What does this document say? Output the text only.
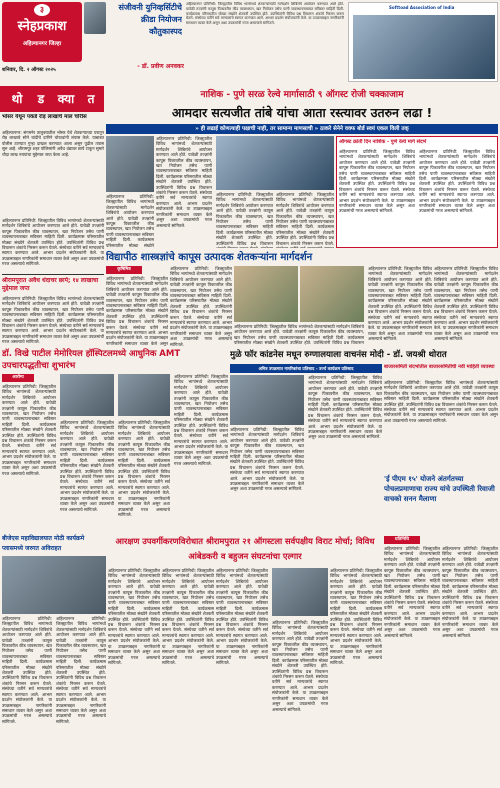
३
स्नेहप्रकाश
अहिल्यानगर जिल्हा
शनिवार, दि. २ ऑगस्ट २०२५
संजीवनी युनिव्हर्सिटीचे क्रीडा नियोजन कौतुकास्पद
- डॉ. प्रवीण अनवकर
अहिल्यानगर प्रतिनिधी: जिल्ह्यातील विविध भागांमध्ये शेतकऱ्यांसाठी मार्गदर्शन शिबिरांचे आयोजन करण्यात आले होते. यावेळी तज्ज्ञांनी कापूस पिकावरील कीड व्यवस्थापन, खत नियोजन तसेच पाणी व्यवस्थापनाबाबत सविस्तर माहिती दिली. कार्यक्रमास परिसरातील मोठ्या संख्येने शेतकरी उपस्थित होते. उपस्थितांनी विविध प्रश्न विचारून शंकांचे निरसन करून घेतले. संस्थेच्या वतीने सर्व मान्यवरांचे स्वागत करण्यात आले. आभार प्रदर्शन संयोजकांनी केले. या उपक्रमाबद्दल नागरिकांनी समाधान व्यक्त केले असून अशा उपक्रमांची गरज असल्याचे सांगितले.
Softtoad Association of India
थो	ड	क्या	त	नाशिक - पुणे सरळ रेल्वे मार्गासाठी ९ ऑगस्ट रोजी चक्काजाम
आमदार सत्यजीत तांबे यांचा आता रस्त्यावर उतरुन लढा !
» ही लढाई कोणत्याही पक्षाची नाही, तर सामान्य माणसाची » ठाकरे सेनेने वक्फ बोर्ड स्वयं एकल विली तक्
भोसर येथून पकडे रोड़ लाखाचे माल चोरीस
अहिल्यानगर: संगमनेर तालुक्यातील भोसर येथे शेतकऱ्याच्या घरातून रोड़ लाखाचे सोने चांदीचे दागिने चोरट्यांनी लंपास केले. याबाबत पोलीस ठाण्यात गुन्हा दाखल करण्यात आला असून पुढील तपास सुरु आहे. श्रीरामपूर शहर पोलिसांनी अवैध धंद्यावर छापे टाकून सुमारे चौदा लाख रुपयांचा मुद्देमाल जप्त केला आहे.
अहिल्यानगर प्रतिनिधी: जिल्ह्यातील विविध भागांमध्ये शेतकऱ्यांसाठी मार्गदर्शन शिबिरांचे आयोजन करण्यात आले होते. यावेळी तज्ज्ञांनी कापूस पिकावरील कीड व्यवस्थापन, खत नियोजन तसेच पाणी व्यवस्थापनाबाबत सविस्तर माहिती दिली. कार्यक्रमास परिसरातील मोठ्या संख्येने शेतकरी उपस्थित होते. उपस्थितांनी विविध प्रश्न विचारून शंकांचे निरसन करून घेतले. संस्थेच्या वतीने सर्व मान्यवरांचे स्वागत करण्यात आले. आभार प्रदर्शन संयोजकांनी केले. या उपक्रमाबद्दल नागरिकांनी समाधान व्यक्त केले असून अशा उपक्रमांची गरज असल्याचे सांगितले.
श्रीरामपूरात अवैध धंदाचर छापे; १४ लाखाचा मुद्देमाल जप्त
अहिल्यानगर प्रतिनिधी: जिल्ह्यातील विविध भागांमध्ये शेतकऱ्यांसाठी मार्गदर्शन शिबिरांचे आयोजन करण्यात आले होते. यावेळी तज्ज्ञांनी कापूस पिकावरील कीड व्यवस्थापन, खत नियोजन तसेच पाणी व्यवस्थापनाबाबत सविस्तर माहिती दिली. कार्यक्रमास परिसरातील मोठ्या संख्येने शेतकरी उपस्थित होते. उपस्थितांनी विविध प्रश्न विचारून शंकांचे निरसन करून घेतले. संस्थेच्या वतीने सर्व मान्यवरांचे स्वागत करण्यात आले. आभार प्रदर्शन संयोजकांनी केले. या उपक्रमाबद्दल नागरिकांनी समाधान व्यक्त केले असून अशा उपक्रमांची गरज असल्याचे सांगितले.
अहिल्यानगर प्रतिनिधी: जिल्ह्यातील विविध भागांमध्ये शेतकऱ्यांसाठी मार्गदर्शन शिबिरांचे आयोजन करण्यात आले होते. यावेळी तज्ज्ञांनी कापूस पिकावरील कीड व्यवस्थापन, खत नियोजन तसेच पाणी व्यवस्थापनाबाबत सविस्तर माहिती दिली. कार्यक्रमास परिसरातील मोठ्या संख्येने शेतकरी उपस्थित होते. उपस्थितांनी विविध प्रश्न विचारून शंकांचे निरसन करून घेतले. संस्थेच्या वतीने सर्व मान्यवरांचे स्वागत करण्यात आले. आभार प्रदर्शन संयोजकांनी केले. या उपक्रमाबद्दल नागरिकांनी समाधान व्यक्त केले असून अशा उपक्रमांची गरज असल्याचे सांगितले.
अहिल्यानगर प्रतिनिधी: जिल्ह्यातील विविध भागांमध्ये शेतकऱ्यांसाठी मार्गदर्शन शिबिरांचे आयोजन करण्यात आले होते. यावेळी तज्ज्ञांनी कापूस पिकावरील कीड व्यवस्थापन, खत नियोजन तसेच पाणी व्यवस्थापनाबाबत सविस्तर माहिती दिली. कार्यक्रमास परिसरातील मोठ्या संख्येने
अहिल्यानगर प्रतिनिधी: जिल्ह्यातील विविध भागांमध्ये शेतकऱ्यांसाठी मार्गदर्शन शिबिरांचे आयोजन करण्यात आले होते. यावेळी तज्ज्ञांनी कापूस पिकावरील कीड व्यवस्थापन, खत नियोजन तसेच पाणी व्यवस्थापनाबाबत सविस्तर माहिती दिली. कार्यक्रमास परिसरातील मोठ्या संख्येने शेतकरी उपस्थित होते. उपस्थितांनी विविध प्रश्न विचारून
अहिल्यानगर प्रतिनिधी: जिल्ह्यातील विविध भागांमध्ये शेतकऱ्यांसाठी मार्गदर्शन शिबिरांचे आयोजन करण्यात आले होते. यावेळी तज्ज्ञांनी कापूस पिकावरील कीड व्यवस्थापन, खत नियोजन तसेच पाणी व्यवस्थापनाबाबत सविस्तर माहिती दिली. कार्यक्रमास परिसरातील मोठ्या संख्येने शेतकरी उपस्थित होते. उपस्थितांनी विविध प्रश्न विचारून शंकांचे निरसन करून घेतले.
ऑगस्ट क्रांती दिन नाशिक - पुणे रेल्वे मार्ग संदर्भ
अहिल्यानगर प्रतिनिधी: जिल्ह्यातील विविध भागांमध्ये शेतकऱ्यांसाठी मार्गदर्शन शिबिरांचे आयोजन करण्यात आले होते. यावेळी तज्ज्ञांनी कापूस पिकावरील कीड व्यवस्थापन, खत नियोजन तसेच पाणी व्यवस्थापनाबाबत सविस्तर माहिती दिली. कार्यक्रमास परिसरातील मोठ्या संख्येने शेतकरी उपस्थित होते. उपस्थितांनी विविध प्रश्न विचारून शंकांचे निरसन करून घेतले. संस्थेच्या वतीने सर्व मान्यवरांचे स्वागत करण्यात आले. आभार प्रदर्शन संयोजकांनी केले. या उपक्रमाबद्दल नागरिकांनी समाधान व्यक्त केले असून अशा उपक्रमांची गरज असल्याचे सांगितले.
अहिल्यानगर प्रतिनिधी: जिल्ह्यातील विविध भागांमध्ये शेतकऱ्यांसाठी मार्गदर्शन शिबिरांचे आयोजन करण्यात आले होते. यावेळी तज्ज्ञांनी कापूस पिकावरील कीड व्यवस्थापन, खत नियोजन तसेच पाणी व्यवस्थापनाबाबत सविस्तर माहिती दिली. कार्यक्रमास परिसरातील मोठ्या संख्येने शेतकरी उपस्थित होते. उपस्थितांनी विविध प्रश्न विचारून शंकांचे निरसन करून घेतले. संस्थेच्या वतीने सर्व मान्यवरांचे स्वागत करण्यात आले. आभार प्रदर्शन संयोजकांनी केले. या उपक्रमाबद्दल नागरिकांनी समाधान व्यक्त केले असून अशा उपक्रमांची गरज असल्याचे सांगितले.
विद्यापीठ शास्त्रज्ञांचे कापूस उत्पादक शेतकऱ्यांना मार्गदर्शन
कृषिमित्र
अहिल्यानगर प्रतिनिधी: जिल्ह्यातील विविध भागांमध्ये शेतकऱ्यांसाठी मार्गदर्शन शिबिरांचे आयोजन करण्यात आले होते. यावेळी तज्ज्ञांनी कापूस पिकावरील कीड व्यवस्थापन, खत नियोजन तसेच पाणी व्यवस्थापनाबाबत सविस्तर माहिती दिली. कार्यक्रमास परिसरातील मोठ्या संख्येने शेतकरी उपस्थित होते. उपस्थितांनी विविध प्रश्न विचारून शंकांचे निरसन करून घेतले. संस्थेच्या वतीने सर्व मान्यवरांचे स्वागत करण्यात आले. आभार प्रदर्शन संयोजकांनी केले. या उपक्रमाबद्दल नागरिकांनी समाधान व्यक्त केले असून
अहिल्यानगर प्रतिनिधी: जिल्ह्यातील विविध भागांमध्ये शेतकऱ्यांसाठी मार्गदर्शन शिबिरांचे आयोजन करण्यात आले होते. यावेळी तज्ज्ञांनी कापूस पिकावरील कीड व्यवस्थापन, खत नियोजन तसेच पाणी व्यवस्थापनाबाबत सविस्तर माहिती दिली. कार्यक्रमास परिसरातील मोठ्या संख्येने शेतकरी उपस्थित होते. उपस्थितांनी विविध प्रश्न विचारून शंकांचे निरसन करून घेतले. संस्थेच्या वतीने सर्व मान्यवरांचे स्वागत करण्यात आले. आभार प्रदर्शन संयोजकांनी केले. या उपक्रमाबद्दल नागरिकांनी समाधान व्यक्त केले असून अशा उपक्रमांची गरज असल्याचे सांगितले.
अहिल्यानगर प्रतिनिधी: जिल्ह्यातील विविध भागांमध्ये शेतकऱ्यांसाठी मार्गदर्शन शिबिरांचे आयोजन करण्यात आले होते. यावेळी तज्ज्ञांनी कापूस पिकावरील कीड व्यवस्थापन, खत नियोजन तसेच पाणी व्यवस्थापनाबाबत सविस्तर माहिती दिली. कार्यक्रमास परिसरातील मोठ्या संख्येने शेतकरी उपस्थित होते. उपस्थितांनी विविध प्रश्न विचारून
अहिल्यानगर प्रतिनिधी: जिल्ह्यातील विविध भागांमध्ये शेतकऱ्यांसाठी मार्गदर्शन शिबिरांचे आयोजन करण्यात आले होते. यावेळी तज्ज्ञांनी कापूस पिकावरील कीड व्यवस्थापन, खत नियोजन तसेच पाणी व्यवस्थापनाबाबत सविस्तर माहिती दिली. कार्यक्रमास परिसरातील मोठ्या संख्येने शेतकरी उपस्थित होते. उपस्थितांनी विविध प्रश्न विचारून शंकांचे निरसन करून घेतले. संस्थेच्या वतीने सर्व मान्यवरांचे स्वागत करण्यात आले. आभार प्रदर्शन संयोजकांनी केले. या उपक्रमाबद्दल नागरिकांनी समाधान व्यक्त केले असून अशा उपक्रमांची गरज असल्याचे सांगितले.
अहिल्यानगर प्रतिनिधी: जिल्ह्यातील विविध भागांमध्ये शेतकऱ्यांसाठी मार्गदर्शन शिबिरांचे आयोजन करण्यात आले होते. यावेळी तज्ज्ञांनी कापूस पिकावरील कीड व्यवस्थापन, खत नियोजन तसेच पाणी व्यवस्थापनाबाबत सविस्तर माहिती दिली. कार्यक्रमास परिसरातील मोठ्या संख्येने शेतकरी उपस्थित होते. उपस्थितांनी विविध प्रश्न विचारून शंकांचे निरसन करून घेतले. संस्थेच्या वतीने सर्व मान्यवरांचे स्वागत करण्यात आले. आभार प्रदर्शन संयोजकांनी केले. या उपक्रमाबद्दल नागरिकांनी समाधान व्यक्त केले असून अशा उपक्रमांची गरज असल्याचे सांगितले.
डॉ. विखे पाटील मेमोरियल हॉस्पिटलमध्ये आधुनिक AMT उपचारपद्धतीचा शुभारंभ
मुळे फॉर कांडनेस मधून रुग्णालयाला वाचनंस मोदी - डॉ. जयश्री थोरात
आरोग्य
अहिल्यानगर प्रतिनिधी: जिल्ह्यातील विविध भागांमध्ये शेतकऱ्यांसाठी मार्गदर्शन शिबिरांचे आयोजन करण्यात आले होते. यावेळी तज्ज्ञांनी कापूस पिकावरील कीड व्यवस्थापन, खत नियोजन तसेच पाणी व्यवस्थापनाबाबत सविस्तर माहिती दिली. कार्यक्रमास परिसरातील मोठ्या संख्येने शेतकरी उपस्थित होते. उपस्थितांनी विविध प्रश्न विचारून शंकांचे निरसन करून घेतले. संस्थेच्या वतीने सर्व मान्यवरांचे स्वागत करण्यात आले. आभार प्रदर्शन संयोजकांनी केले. या उपक्रमाबद्दल नागरिकांनी समाधान व्यक्त केले असून अशा उपक्रमांची गरज असल्याचे सांगितले.
अहिल्यानगर प्रतिनिधी: जिल्ह्यातील विविध भागांमध्ये शेतकऱ्यांसाठी मार्गदर्शन शिबिरांचे आयोजन करण्यात आले होते. यावेळी तज्ज्ञांनी कापूस पिकावरील कीड व्यवस्थापन, खत नियोजन तसेच पाणी व्यवस्थापनाबाबत सविस्तर माहिती दिली. कार्यक्रमास परिसरातील मोठ्या संख्येने शेतकरी उपस्थित होते. उपस्थितांनी विविध प्रश्न विचारून शंकांचे निरसन करून घेतले. संस्थेच्या वतीने सर्व मान्यवरांचे स्वागत करण्यात आले. आभार प्रदर्शन संयोजकांनी केले. या उपक्रमाबद्दल नागरिकांनी समाधान व्यक्त केले असून अशा उपक्रमांची गरज असल्याचे सांगितले.
अहिल्यानगर प्रतिनिधी: जिल्ह्यातील विविध भागांमध्ये शेतकऱ्यांसाठी मार्गदर्शन शिबिरांचे आयोजन करण्यात आले होते. यावेळी तज्ज्ञांनी कापूस पिकावरील कीड व्यवस्थापन, खत नियोजन तसेच पाणी व्यवस्थापनाबाबत सविस्तर माहिती दिली. कार्यक्रमास परिसरातील मोठ्या संख्येने शेतकरी उपस्थित होते. उपस्थितांनी विविध प्रश्न विचारून शंकांचे निरसन करून घेतले. संस्थेच्या वतीने सर्व मान्यवरांचे स्वागत करण्यात आले. आभार प्रदर्शन संयोजकांनी केले. या उपक्रमाबद्दल नागरिकांनी समाधान व्यक्त केले असून अशा उपक्रमांची गरज असल्याचे सांगितले.
अहिल्यानगर प्रतिनिधी: जिल्ह्यातील विविध भागांमध्ये शेतकऱ्यांसाठी मार्गदर्शन शिबिरांचे आयोजन करण्यात आले होते. यावेळी तज्ज्ञांनी कापूस पिकावरील कीड व्यवस्थापन, खत नियोजन तसेच पाणी व्यवस्थापनाबाबत सविस्तर माहिती दिली. कार्यक्रमास परिसरातील मोठ्या संख्येने शेतकरी उपस्थित होते. उपस्थितांनी विविध प्रश्न विचारून शंकांचे निरसन करून घेतले. संस्थेच्या वतीने सर्व मान्यवरांचे स्वागत करण्यात आले. आभार प्रदर्शन संयोजकांनी केले. या उपक्रमाबद्दल नागरिकांनी समाधान व्यक्त केले असून अशा उपक्रमांची गरज असल्याचे सांगितले.
अमित्र उपक्रमात नागरिकांचा प्रतिसाद - उर्ज्य कार्यक्रम प्रतिसाद
अहिल्यानगर प्रतिनिधी: जिल्ह्यातील विविध भागांमध्ये शेतकऱ्यांसाठी मार्गदर्शन शिबिरांचे आयोजन करण्यात आले होते. यावेळी तज्ज्ञांनी कापूस पिकावरील कीड व्यवस्थापन, खत नियोजन तसेच पाणी व्यवस्थापनाबाबत सविस्तर माहिती दिली. कार्यक्रमास परिसरातील मोठ्या संख्येने शेतकरी उपस्थित होते. उपस्थितांनी विविध प्रश्न विचारून शंकांचे निरसन करून घेतले. संस्थेच्या वतीने सर्व मान्यवरांचे स्वागत करण्यात आले. आभार प्रदर्शन संयोजकांनी केले. या उपक्रमाबद्दल नागरिकांनी समाधान व्यक्त केले असून अशा उपक्रमांची गरज असल्याचे सांगितले.
अहिल्यानगर प्रतिनिधी: जिल्ह्यातील विविध भागांमध्ये शेतकऱ्यांसाठी मार्गदर्शन शिबिरांचे आयोजन करण्यात आले होते. यावेळी तज्ज्ञांनी कापूस पिकावरील कीड व्यवस्थापन, खत नियोजन तसेच पाणी व्यवस्थापनाबाबत सविस्तर माहिती दिली. कार्यक्रमास परिसरातील मोठ्या संख्येने शेतकरी उपस्थित होते. उपस्थितांनी विविध प्रश्न विचारून शंकांचे निरसन करून घेतले. संस्थेच्या वतीने सर्व मान्यवरांचे स्वागत करण्यात आले. आभार प्रदर्शन संयोजकांनी केले. या उपक्रमाबद्दल नागरिकांनी समाधान व्यक्त केले असून अशा उपक्रमांची गरज असल्याचे सांगितले.
बाजारसमिती संदर्भातील बाजारसमितीची नवी माहिती व्यवस्था
अहिल्यानगर प्रतिनिधी: जिल्ह्यातील विविध भागांमध्ये शेतकऱ्यांसाठी मार्गदर्शन शिबिरांचे आयोजन करण्यात आले होते. यावेळी तज्ज्ञांनी कापूस पिकावरील कीड व्यवस्थापन, खत नियोजन तसेच पाणी व्यवस्थापनाबाबत सविस्तर माहिती दिली. कार्यक्रमास परिसरातील मोठ्या संख्येने शेतकरी उपस्थित होते. उपस्थितांनी विविध प्रश्न विचारून शंकांचे निरसन करून घेतले. संस्थेच्या वतीने सर्व मान्यवरांचे स्वागत करण्यात आले. आभार प्रदर्शन संयोजकांनी केले. या उपक्रमाबद्दल नागरिकांनी समाधान व्यक्त केले असून अशा उपक्रमांची गरज असल्याचे सांगितले.
'ई पीएम १५' योजने अंतर्गतच्या पोचलप्रमाणाचा राज्य यांचे उपस्थिती रिवाजी वाचको सनन मैलाणा
प्रतिनिधि
अहिल्यानगर प्रतिनिधी: जिल्ह्यातील विविध भागांमध्ये शेतकऱ्यांसाठी मार्गदर्शन शिबिरांचे आयोजन करण्यात आले होते. यावेळी तज्ज्ञांनी कापूस पिकावरील कीड व्यवस्थापन, खत नियोजन तसेच पाणी व्यवस्थापनाबाबत सविस्तर माहिती दिली. कार्यक्रमास परिसरातील मोठ्या संख्येने शेतकरी उपस्थित होते. उपस्थितांनी विविध प्रश्न विचारून शंकांचे निरसन करून घेतले. संस्थेच्या वतीने सर्व मान्यवरांचे स्वागत करण्यात आले. आभार प्रदर्शन संयोजकांनी केले. या उपक्रमाबद्दल नागरिकांनी समाधान व्यक्त केले असून अशा उपक्रमांची गरज असल्याचे सांगितले.
अहिल्यानगर प्रतिनिधी: जिल्ह्यातील विविध भागांमध्ये शेतकऱ्यांसाठी मार्गदर्शन शिबिरांचे आयोजन करण्यात आले होते. यावेळी तज्ज्ञांनी कापूस पिकावरील कीड व्यवस्थापन, खत नियोजन तसेच पाणी व्यवस्थापनाबाबत सविस्तर माहिती दिली. कार्यक्रमास परिसरातील मोठ्या संख्येने शेतकरी उपस्थित होते. उपस्थितांनी विविध प्रश्न विचारून शंकांचे निरसन करून घेतले. संस्थेच्या वतीने सर्व मान्यवरांचे स्वागत करण्यात आले. आभार प्रदर्शन संयोजकांनी केले. या उपक्रमाबद्दल नागरिकांनी समाधान व्यक्त केले असून अशा उपक्रमांची गरज असल्याचे सांगितले.
बीजेएस महाविद्यालयात मोठी कार्यक्रमे प्लासमध्ये जरुरत अविराहत
अहिल्यानगर प्रतिनिधी: जिल्ह्यातील विविध भागांमध्ये शेतकऱ्यांसाठी मार्गदर्शन शिबिरांचे आयोजन करण्यात आले होते. यावेळी तज्ज्ञांनी कापूस पिकावरील कीड व्यवस्थापन, खत नियोजन तसेच पाणी व्यवस्थापनाबाबत सविस्तर माहिती दिली. कार्यक्रमास परिसरातील मोठ्या संख्येने शेतकरी उपस्थित होते. उपस्थितांनी विविध प्रश्न विचारून शंकांचे निरसन करून घेतले. संस्थेच्या वतीने सर्व मान्यवरांचे स्वागत करण्यात आले. आभार प्रदर्शन संयोजकांनी केले. या उपक्रमाबद्दल नागरिकांनी समाधान व्यक्त केले असून अशा उपक्रमांची गरज असल्याचे सांगितले.
अहिल्यानगर प्रतिनिधी: जिल्ह्यातील विविध भागांमध्ये शेतकऱ्यांसाठी मार्गदर्शन शिबिरांचे आयोजन करण्यात आले होते. यावेळी तज्ज्ञांनी कापूस पिकावरील कीड व्यवस्थापन, खत नियोजन तसेच पाणी व्यवस्थापनाबाबत सविस्तर माहिती दिली. कार्यक्रमास परिसरातील मोठ्या संख्येने शेतकरी उपस्थित होते. उपस्थितांनी विविध प्रश्न विचारून शंकांचे निरसन करून घेतले. संस्थेच्या वतीने सर्व मान्यवरांचे स्वागत करण्यात आले. आभार प्रदर्शन संयोजकांनी केले. या उपक्रमाबद्दल नागरिकांनी समाधान व्यक्त केले असून अशा उपक्रमांची गरज असल्याचे सांगितले.
आरक्षण उपवर्गीकरणविरोधात श्रीरामपुरात २१ ऑगस्टला सर्वपक्षीय विराट मोर्चा; विविध आंबेडकरी व बहुजन संघटनांचा एल्गार
अहिल्यानगर प्रतिनिधी: जिल्ह्यातील विविध भागांमध्ये शेतकऱ्यांसाठी मार्गदर्शन शिबिरांचे आयोजन करण्यात आले होते. यावेळी तज्ज्ञांनी कापूस पिकावरील कीड व्यवस्थापन, खत नियोजन तसेच पाणी व्यवस्थापनाबाबत सविस्तर माहिती दिली. कार्यक्रमास परिसरातील मोठ्या संख्येने शेतकरी उपस्थित होते. उपस्थितांनी विविध प्रश्न विचारून शंकांचे निरसन करून घेतले. संस्थेच्या वतीने सर्व मान्यवरांचे स्वागत करण्यात आले. आभार प्रदर्शन संयोजकांनी केले. या उपक्रमाबद्दल नागरिकांनी समाधान व्यक्त केले असून अशा उपक्रमांची गरज असल्याचे सांगितले.
अहिल्यानगर प्रतिनिधी: जिल्ह्यातील विविध भागांमध्ये शेतकऱ्यांसाठी मार्गदर्शन शिबिरांचे आयोजन करण्यात आले होते. यावेळी तज्ज्ञांनी कापूस पिकावरील कीड व्यवस्थापन, खत नियोजन तसेच पाणी व्यवस्थापनाबाबत सविस्तर माहिती दिली. कार्यक्रमास परिसरातील मोठ्या संख्येने शेतकरी उपस्थित होते. उपस्थितांनी विविध प्रश्न विचारून शंकांचे निरसन करून घेतले. संस्थेच्या वतीने सर्व मान्यवरांचे स्वागत करण्यात आले. आभार प्रदर्शन संयोजकांनी केले. या उपक्रमाबद्दल नागरिकांनी समाधान व्यक्त केले असून अशा उपक्रमांची गरज असल्याचे सांगितले.
अहिल्यानगर प्रतिनिधी: जिल्ह्यातील विविध भागांमध्ये शेतकऱ्यांसाठी मार्गदर्शन शिबिरांचे आयोजन करण्यात आले होते. यावेळी तज्ज्ञांनी कापूस पिकावरील कीड व्यवस्थापन, खत नियोजन तसेच पाणी व्यवस्थापनाबाबत सविस्तर माहिती दिली. कार्यक्रमास परिसरातील मोठ्या संख्येने शेतकरी उपस्थित होते. उपस्थितांनी विविध प्रश्न विचारून शंकांचे निरसन करून घेतले. संस्थेच्या वतीने सर्व मान्यवरांचे स्वागत करण्यात आले. आभार प्रदर्शन संयोजकांनी केले. या उपक्रमाबद्दल नागरिकांनी समाधान व्यक्त केले असून अशा उपक्रमांची गरज असल्याचे सांगितले.
अहिल्यानगर प्रतिनिधी: जिल्ह्यातील विविध भागांमध्ये शेतकऱ्यांसाठी मार्गदर्शन शिबिरांचे आयोजन करण्यात आले होते. यावेळी तज्ज्ञांनी कापूस पिकावरील कीड व्यवस्थापन, खत नियोजन तसेच पाणी व्यवस्थापनाबाबत सविस्तर माहिती दिली. कार्यक्रमास परिसरातील मोठ्या संख्येने शेतकरी उपस्थित होते. उपस्थितांनी विविध प्रश्न विचारून शंकांचे निरसन करून घेतले. संस्थेच्या वतीने सर्व मान्यवरांचे स्वागत करण्यात आले. आभार प्रदर्शन संयोजकांनी केले. या उपक्रमाबद्दल नागरिकांनी समाधान व्यक्त केले असून अशा उपक्रमांची गरज असल्याचे सांगितले.
अहिल्यानगर प्रतिनिधी: जिल्ह्यातील विविध भागांमध्ये शेतकऱ्यांसाठी मार्गदर्शन शिबिरांचे आयोजन करण्यात आले होते. यावेळी तज्ज्ञांनी कापूस पिकावरील कीड व्यवस्थापन, खत नियोजन तसेच पाणी व्यवस्थापनाबाबत सविस्तर माहिती दिली. कार्यक्रमास परिसरातील मोठ्या संख्येने शेतकरी उपस्थित होते. उपस्थितांनी विविध प्रश्न विचारून शंकांचे निरसन करून घेतले. संस्थेच्या वतीने सर्व मान्यवरांचे स्वागत करण्यात आले. आभार प्रदर्शन संयोजकांनी केले. या उपक्रमाबद्दल नागरिकांनी समाधान व्यक्त केले असून अशा उपक्रमांची गरज असल्याचे सांगितले.
